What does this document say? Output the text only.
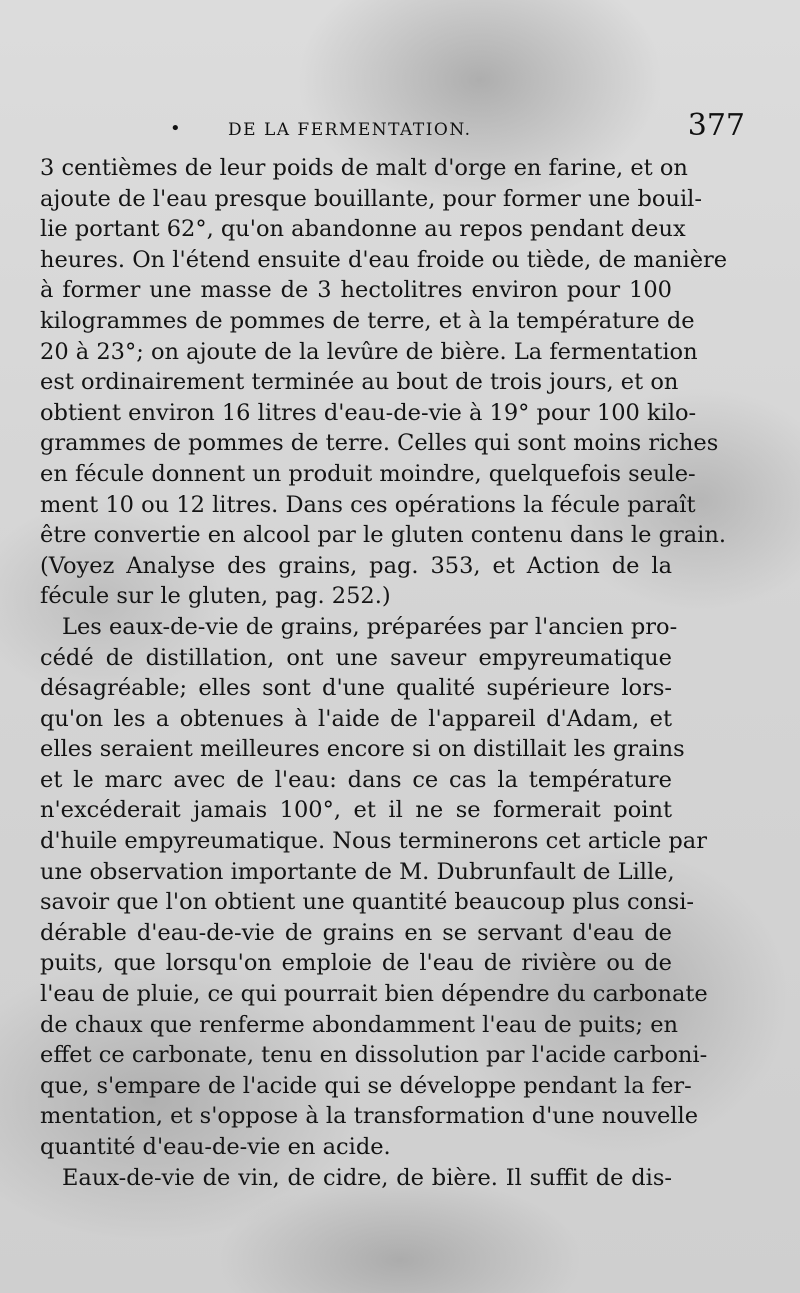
•	DE LA FERMENTATION.	377
3 centièmes de leur poids de malt d'orge en farine, et on
ajoute de l'eau presque bouillante, pour former une bouil-
lie portant 62°, qu'on abandonne au repos pendant deux
heures. On l'étend ensuite d'eau froide ou tiède, de manière
à former une masse de 3 hectolitres environ pour 100
kilogrammes de pommes de terre, et à la température de
20 à 23°; on ajoute de la levûre de bière. La fermentation
est ordinairement terminée au bout de trois jours, et on
obtient environ 16 litres d'eau-de-vie à 19° pour 100 kilo-
grammes de pommes de terre. Celles qui sont moins riches
en fécule donnent un produit moindre, quelquefois seule-
ment 10 ou 12 litres. Dans ces opérations la fécule paraît
être convertie en alcool par le gluten contenu dans le grain.
(Voyez Analyse des grains, pag. 353, et Action de la
fécule sur le gluten, pag. 252.)
Les eaux-de-vie de grains, préparées par l'ancien pro-
cédé de distillation, ont une saveur empyreumatique
désagréable; elles sont d'une qualité supérieure lors-
qu'on les a obtenues à l'aide de l'appareil d'Adam, et
elles seraient meilleures encore si on distillait les grains
et le marc avec de l'eau: dans ce cas la température
n'excéderait jamais 100°, et il ne se formerait point
d'huile empyreumatique. Nous terminerons cet article par
une observation importante de M. Dubrunfault de Lille,
savoir que l'on obtient une quantité beaucoup plus consi-
dérable d'eau-de-vie de grains en se servant d'eau de
puits, que lorsqu'on emploie de l'eau de rivière ou de
l'eau de pluie, ce qui pourrait bien dépendre du carbonate
de chaux que renferme abondamment l'eau de puits; en
effet ce carbonate, tenu en dissolution par l'acide carboni-
que, s'empare de l'acide qui se développe pendant la fer-
mentation, et s'oppose à la transformation d'une nouvelle
quantité d'eau-de-vie en acide.
Eaux-de-vie de vin, de cidre, de bière. Il suffit de dis-
